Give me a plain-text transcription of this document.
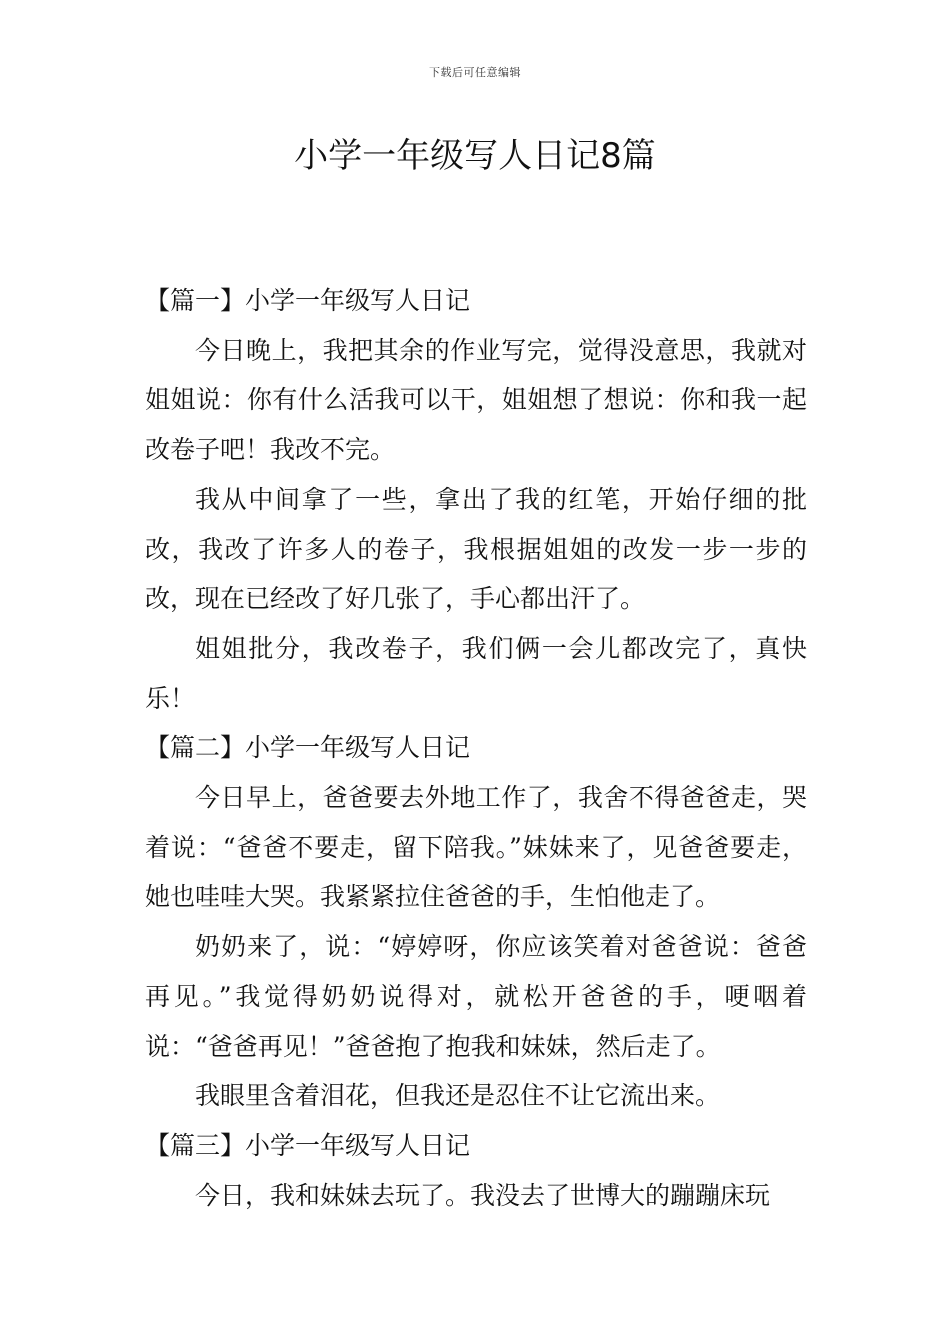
下载后可任意编辑
小学一年级写人日记8篇

【篇一】小学一年级写人日记

今日晚上，我把其余的作业写完，觉得没意思，我就对姐姐说：你有什么活我可以干，姐姐想了想说：你和我一起改卷子吧！我改不完。

我从中间拿了一些，拿出了我的红笔，开始仔细的批改，我改了许多人的卷子，我根据姐姐的改发一步一步的改，现在已经改了好几张了，手心都出汗了。

姐姐批分，我改卷子，我们俩一会儿都改完了，真快乐！

【篇二】小学一年级写人日记

今日早上，爸爸要去外地工作了，我舍不得爸爸走，哭着说：“爸爸不要走，留下陪我。”妹妹来了，见爸爸要走，她也哇哇大哭。我紧紧拉住爸爸的手，生怕他走了。

奶奶来了，说：“婷婷呀，你应该笑着对爸爸说：爸爸再见。”我觉得奶奶说得对，就松开爸爸的手，哽咽着说：“爸爸再见！”爸爸抱了抱我和妹妹，然后走了。

我眼里含着泪花，但我还是忍住不让它流出来。

【篇三】小学一年级写人日记

今日，我和妹妹去玩了。我没去了世博大的蹦蹦床玩
